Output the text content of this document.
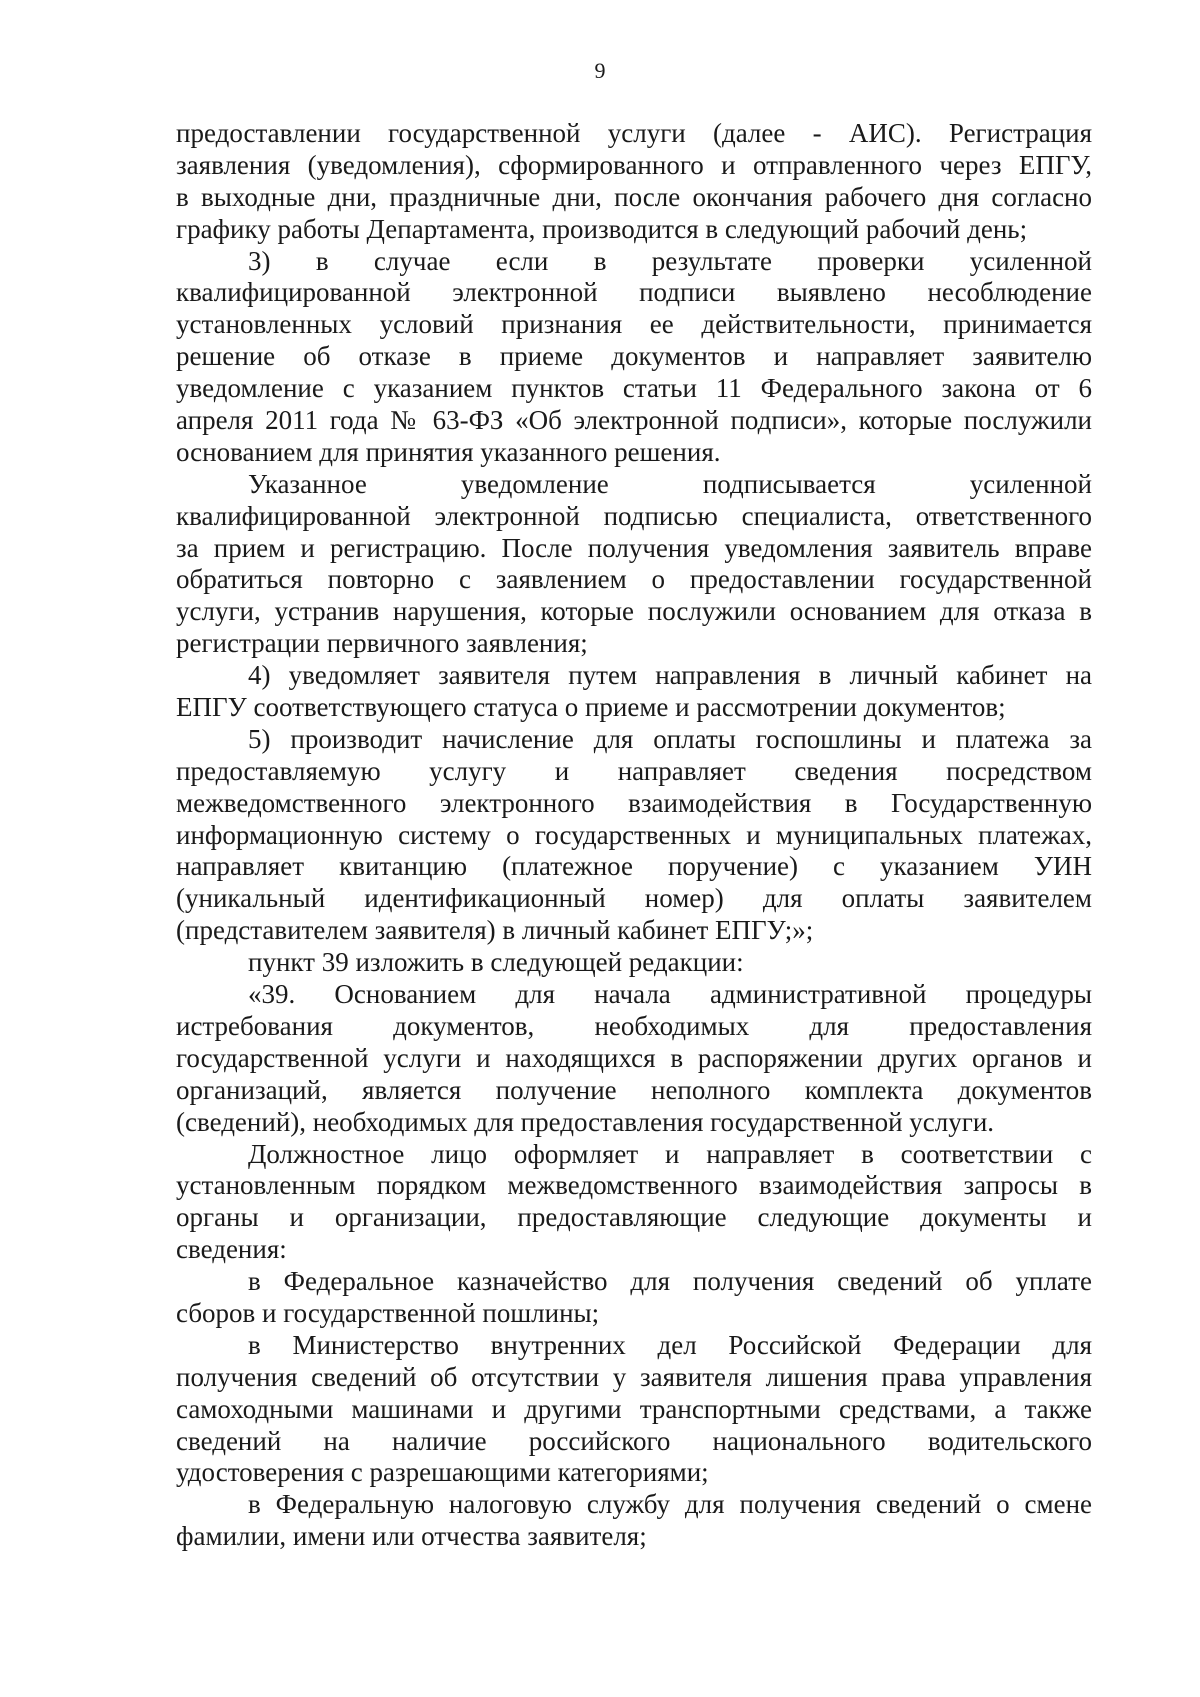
9
предоставлении государственной услуги (далее - АИС). Регистрация
заявления (уведомления), сформированного и отправленного через ЕПГУ,
в выходные дни, праздничные дни, после окончания рабочего дня согласно
графику работы Департамента, производится в следующий рабочий день;
3) в случае если в результате проверки усиленной
квалифицированной электронной подписи выявлено несоблюдение
установленных условий признания ее действительности, принимается
решение об отказе в приеме документов и направляет заявителю
уведомление с указанием пунктов статьи 11 Федерального закона от 6
апреля 2011 года № 63-ФЗ «Об электронной подписи», которые послужили
основанием для принятия указанного решения.
Указанное уведомление подписывается усиленной
квалифицированной электронной подписью специалиста, ответственного
за прием и регистрацию. После получения уведомления заявитель вправе
обратиться повторно с заявлением о предоставлении государственной
услуги, устранив нарушения, которые послужили основанием для отказа в
регистрации первичного заявления;
4) уведомляет заявителя путем направления в личный кабинет на
ЕПГУ соответствующего статуса о приеме и рассмотрении документов;
5) производит начисление для оплаты госпошлины и платежа за
предоставляемую услугу и направляет сведения посредством
межведомственного электронного взаимодействия в Государственную
информационную систему о государственных и муниципальных платежах,
направляет квитанцию (платежное поручение) с указанием УИН
(уникальный идентификационный номер) для оплаты заявителем
(представителем заявителя) в личный кабинет ЕПГУ;»;
пункт 39 изложить в следующей редакции:
«39. Основанием для начала административной процедуры
истребования документов, необходимых для предоставления
государственной услуги и находящихся в распоряжении других органов и
организаций, является получение неполного комплекта документов
(сведений), необходимых для предоставления государственной услуги.
Должностное лицо оформляет и направляет в соответствии с
установленным порядком межведомственного взаимодействия запросы в
органы и организации, предоставляющие следующие документы и
сведения:
в Федеральное казначейство для получения сведений об уплате
сборов и государственной пошлины;
в Министерство внутренних дел Российской Федерации для
получения сведений об отсутствии у заявителя лишения права управления
самоходными машинами и другими транспортными средствами, а также
сведений на наличие российского национального водительского
удостоверения с разрешающими категориями;
в Федеральную налоговую службу для получения сведений о смене
фамилии, имени или отчества заявителя;
